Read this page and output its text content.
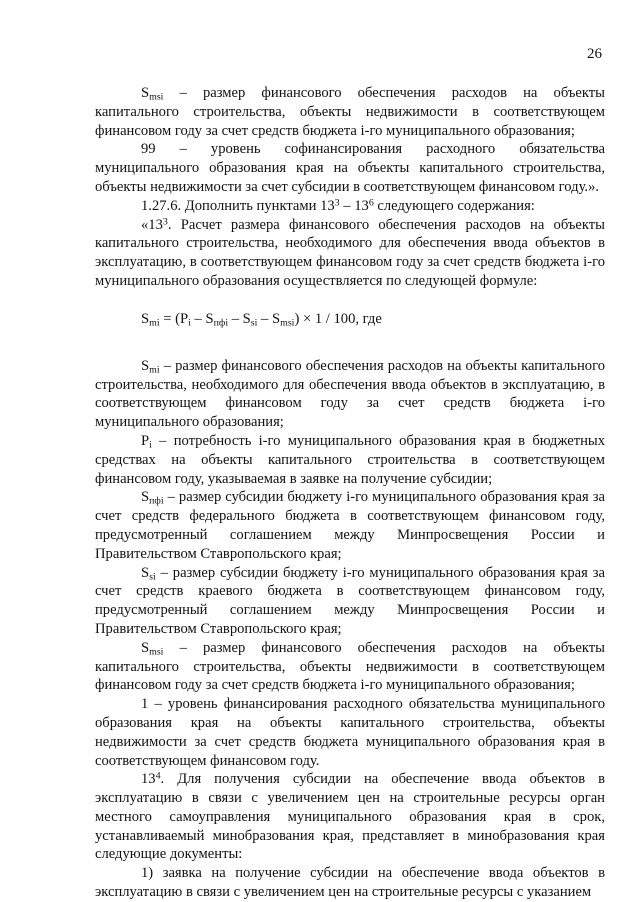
26

$S_{msi}$ – размер финансового обеспечения расходов на объекты капитального строительства, объекты недвижимости в соответствующем финансовом году за счет средств бюджета i-го муниципального образования;

99 – уровень софинансирования расходного обязательства муниципального образования края на объекты капитального строительства, объекты недвижимости за счет субсидии в соответствующем финансовом году.».

1.27.6. Дополнить пунктами $13^3 - 13^6$ следующего содержания:

«$13^3$. Расчет размера финансового обеспечения расходов на объекты капитального строительства, необходимого для обеспечения ввода объектов в эксплуатацию, в соответствующем финансовом году за счет средств бюджета i-го муниципального образования осуществляется по следующей формуле:

$S_{mi} = (P_i - S_{пфi} - S_{si} - S_{msi}) \times 1 / 100$, где

$S_{mi}$ – размер финансового обеспечения расходов на объекты капитального строительства, необходимого для обеспечения ввода объектов в эксплуатацию, в соответствующем финансовом году за счет средств бюджета i-го муниципального образования;

$P_i$ – потребность i-го муниципального образования края в бюджетных средствах на объекты капитального строительства в соответствующем финансовом году, указываемая в заявке на получение субсидии;

$S_{пфi}$ – размер субсидии бюджету i-го муниципального образования края за счет средств федерального бюджета в соответствующем финансовом году, предусмотренный соглашением между Минпросвещения России и Правительством Ставропольского края;

$S_{si}$ – размер субсидии бюджету i-го муниципального образования края за счет средств краевого бюджета в соответствующем финансовом году, предусмотренный соглашением между Минпросвещения России и Правительством Ставропольского края;

$S_{msi}$ – размер финансового обеспечения расходов на объекты капитального строительства, объекты недвижимости в соответствующем финансовом году за счет средств бюджета i-го муниципального образования;

1 – уровень финансирования расходного обязательства муниципального образования края на объекты капитального строительства, объекты недвижимости за счет средств бюджета муниципального образования края в соответствующем финансовом году.

$13^4$. Для получения субсидии на обеспечение ввода объектов в эксплуатацию в связи с увеличением цен на строительные ресурсы орган местного самоуправления муниципального образования края в срок, устанавливаемый минобразования края, представляет в минобразования края следующие документы:

1) заявка на получение субсидии на обеспечение ввода объектов в эксплуатацию в связи с увеличением цен на строительные ресурсы с указанием
